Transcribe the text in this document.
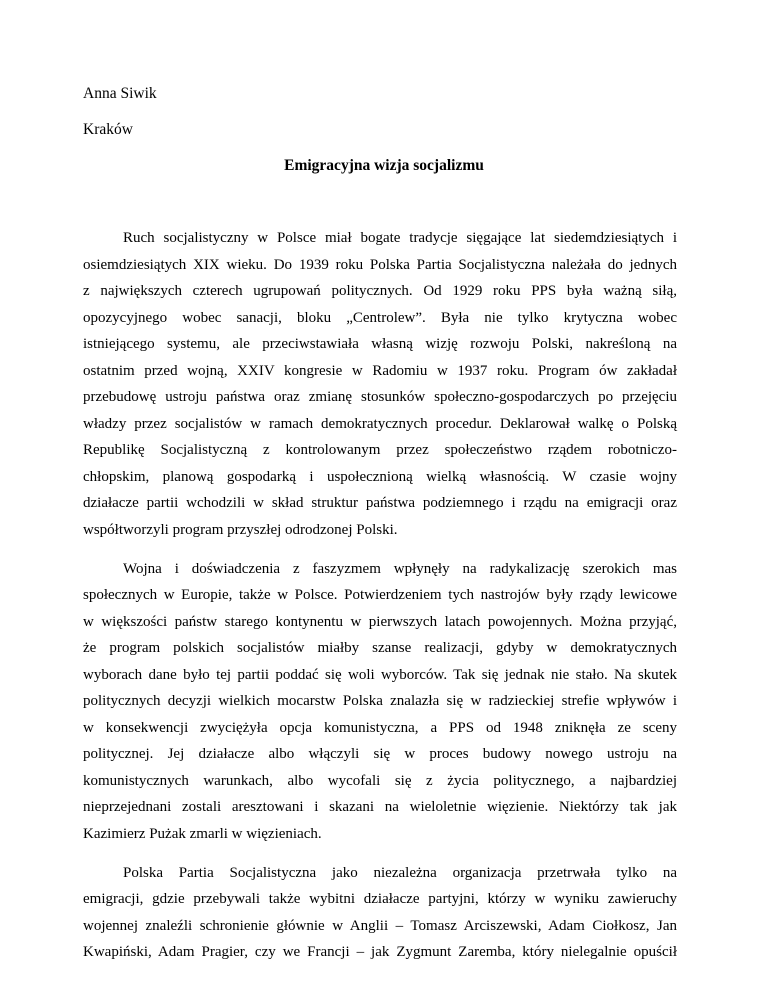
Anna Siwik
Kraków
Emigracyjna wizja socjalizmu
Ruch socjalistyczny w Polsce miał bogate tradycje sięgające lat siedemdziesiątych i
osiemdziesiątych XIX wieku. Do 1939 roku Polska Partia Socjalistyczna należała do jednych
z największych czterech ugrupowań politycznych. Od 1929 roku PPS była ważną siłą,
opozycyjnego wobec sanacji, bloku „Centrolew”. Była nie tylko krytyczna wobec
istniejącego systemu, ale przeciwstawiała własną wizję rozwoju Polski, nakreśloną na
ostatnim przed wojną, XXIV kongresie w Radomiu w 1937 roku. Program ów zakładał
przebudowę ustroju państwa oraz zmianę stosunków społeczno-gospodarczych po przejęciu
władzy przez socjalistów w ramach demokratycznych procedur. Deklarował walkę o Polską
Republikę Socjalistyczną z kontrolowanym przez społeczeństwo rządem robotniczo-
chłopskim, planową gospodarką i uspołecznioną wielką własnością. W czasie wojny
działacze partii wchodzili w skład struktur państwa podziemnego i rządu na emigracji oraz
współtworzyli program przyszłej odrodzonej Polski.
Wojna i doświadczenia z faszyzmem wpłynęły na radykalizację szerokich mas
społecznych w Europie, także w Polsce. Potwierdzeniem tych nastrojów były rządy lewicowe
w większości państw starego kontynentu w pierwszych latach powojennych. Można przyjąć,
że program polskich socjalistów miałby szanse realizacji, gdyby w demokratycznych
wyborach dane było tej partii poddać się woli wyborców. Tak się jednak nie stało. Na skutek
politycznych decyzji wielkich mocarstw Polska znalazła się w radzieckiej strefie wpływów i
w konsekwencji zwyciężyła opcja komunistyczna, a PPS od 1948 zniknęła ze sceny
politycznej. Jej działacze albo włączyli się w proces budowy nowego ustroju na
komunistycznych warunkach, albo wycofali się z życia politycznego, a najbardziej
nieprzejednani zostali aresztowani i skazani na wieloletnie więzienie. Niektórzy tak jak
Kazimierz Pużak zmarli w więzieniach.
Polska Partia Socjalistyczna jako niezależna organizacja przetrwała tylko na
emigracji, gdzie przebywali także wybitni działacze partyjni, którzy w wyniku zawieruchy
wojennej znaleźli schronienie głównie w Anglii – Tomasz Arciszewski, Adam Ciołkosz, Jan
Kwapiński, Adam Pragier, czy we Francji – jak Zygmunt Zaremba, który nielegalnie opuścił
